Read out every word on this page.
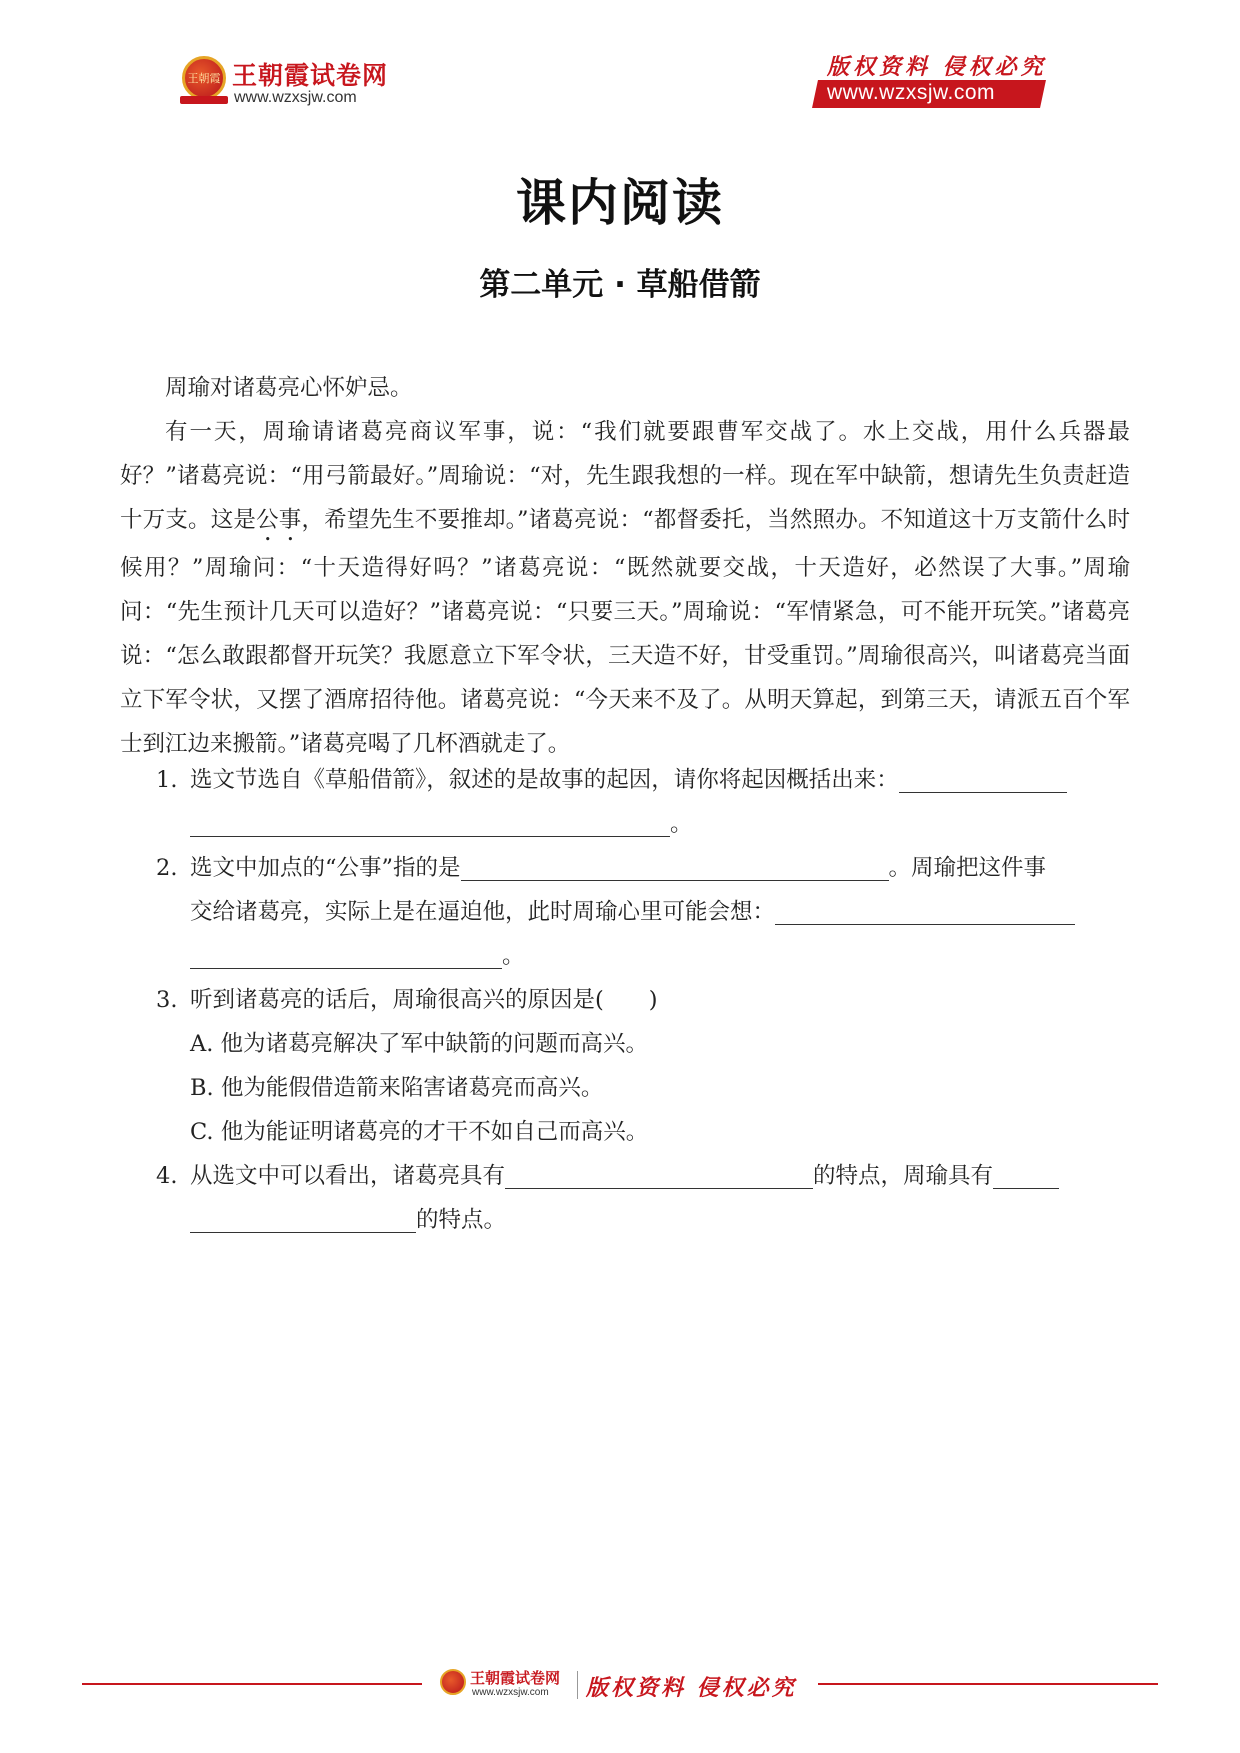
王朝霞 王朝霞试卷网
www.wzxsjw.com
版权资料 侵权必究
www.wzxsjw.com
课内阅读
第二单元 · 草船借箭

周瑜对诸葛亮心怀妒忌。

有一天，周瑜请诸葛亮商议军事，说：“我们就要跟曹军交战了。水上交战，用什么兵器最好？”诸葛亮说：“用弓箭最好。”周瑜说：“对，先生跟我想的一样。现在军中缺箭，想请先生负责赶造十万支。这是公事，希望先生不要推却。”诸葛亮说：“都督委托，当然照办。不知道这十万支箭什么时候用？”周瑜问：“十天造得好吗？”诸葛亮说：“既然就要交战，十天造好，必然误了大事。”周瑜问：“先生预计几天可以造好？”诸葛亮说：“只要三天。”周瑜说：“军情紧急，可不能开玩笑。”诸葛亮说：“怎么敢跟都督开玩笑？我愿意立下军令状，三天造不好，甘受重罚。”周瑜很高兴，叫诸葛亮当面立下军令状，又摆了酒席招待他。诸葛亮说：“今天来不及了。从明天算起，到第三天，请派五百个军士到江边来搬箭。”诸葛亮喝了几杯酒就走了。

1. 选文节选自《草船借箭》，叙述的是故事的起因，请你将起因概括出来：
。
2. 选文中加点的“公事”指的是	。周瑜把这件事
交给诸葛亮，实际上是在逼迫他，此时周瑜心里可能会想：
。
3. 听到诸葛亮的话后，周瑜很高兴的原因是(　　)
A. 他为诸葛亮解决了军中缺箭的问题而高兴。
B. 他为能假借造箭来陷害诸葛亮而高兴。
C. 他为能证明诸葛亮的才干不如自己而高兴。
4. 从选文中可以看出，诸葛亮具有	的特点，周瑜具有
的特点。
王朝霞试卷网
www.wzxsjw.com 版权资料 侵权必究
